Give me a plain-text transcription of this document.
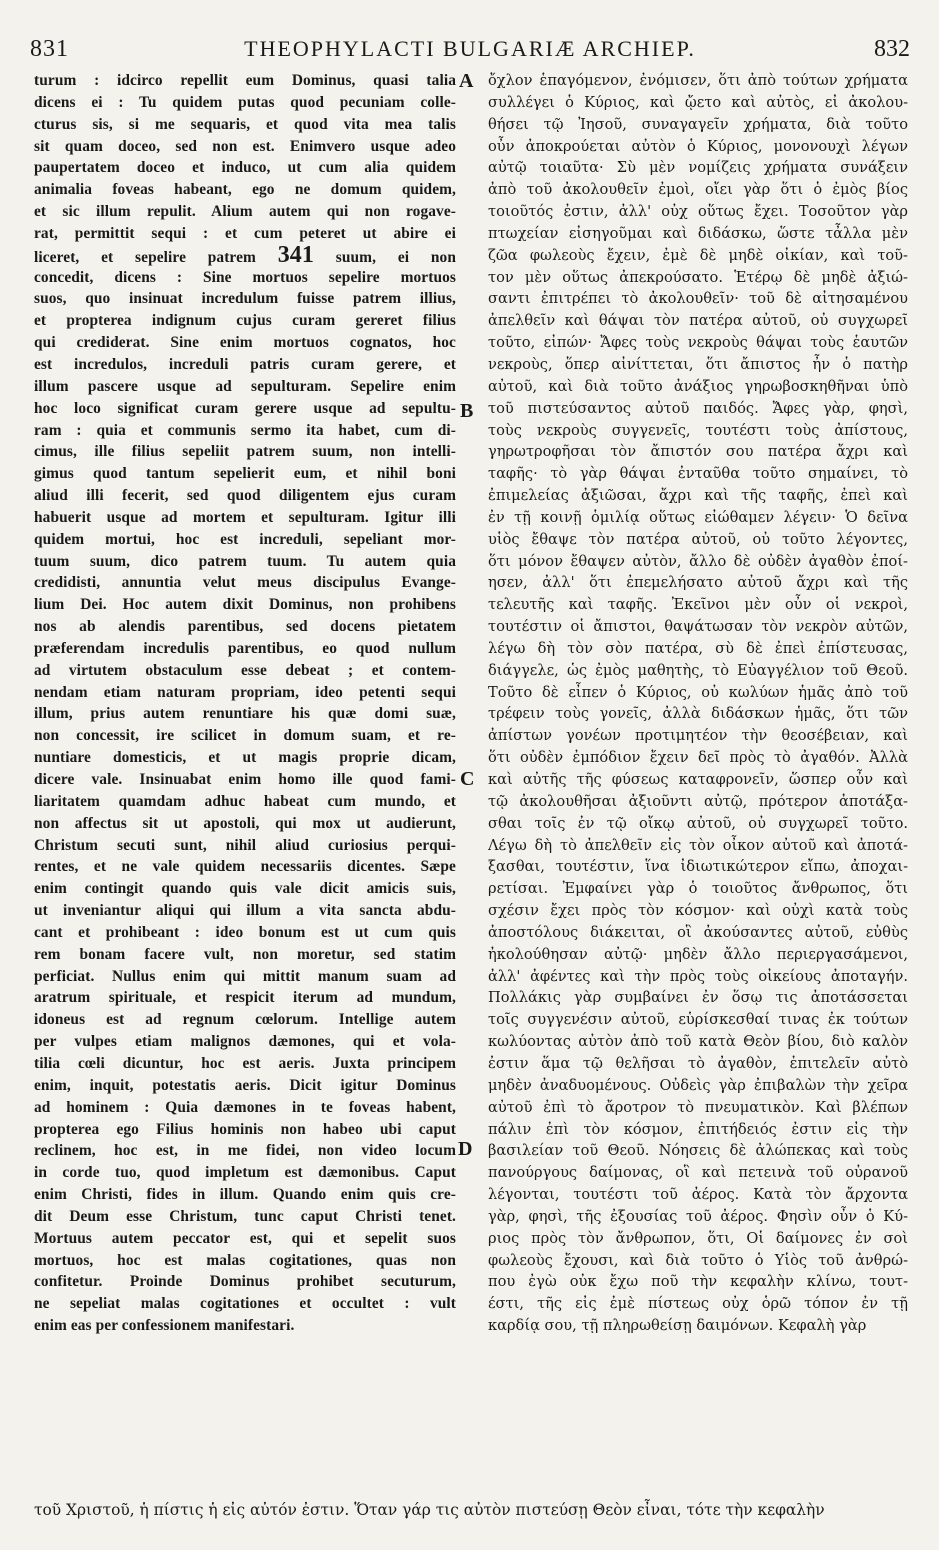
831	THEOPHYLACTI BULGARIÆ ARCHIEP.	832
turum : idcirco repellit eum Dominus, quasi talia
dicens ei : Tu quidem putas quod pecuniam colle-
cturus sis, si me sequaris, et quod vita mea talis
sit quam doceo, sed non est. Enimvero usque adeo
paupertatem doceo et induco, ut cum alia quidem
animalia foveas habeant, ego ne domum quidem,
et sic illum repulit. Alium autem qui non rogave-
rat, permittit sequi : et cum peteret ut abire ei
liceret, et sepelire patrem 341 suum, ei non
concedit, dicens : Sine mortuos sepelire mortuos
suos, quo insinuat incredulum fuisse patrem illius,
et propterea indignum cujus curam gereret filius
qui crediderat. Sine enim mortuos cognatos, hoc
est incredulos, increduli patris curam gerere, et
illum pascere usque ad sepulturam. Sepelire enim
hoc loco significat curam gerere usque ad sepultu-
ram : quia et communis sermo ita habet, cum di-
cimus, ille filius sepeliit patrem suum, non intelli-
gimus quod tantum sepelierit eum, et nihil boni
aliud illi fecerit, sed quod diligentem ejus curam
habuerit usque ad mortem et sepulturam. Igitur illi
quidem mortui, hoc est increduli, sepeliant mor-
tuum suum, dico patrem tuum. Tu autem quia
credidisti, annuntia velut meus discipulus Evange-
lium Dei. Hoc autem dixit Dominus, non prohibens
nos ab alendis parentibus, sed docens pietatem
præferendam incredulis parentibus, eo quod nullum
ad virtutem obstaculum esse debeat ; et contem-
nendam etiam naturam propriam, ideo petenti sequi
illum, prius autem renuntiare his quæ domi suæ,
non concessit, ire scilicet in domum suam, et re-
nuntiare domesticis, et ut magis proprie dicam,
dicere vale. Insinuabat enim homo ille quod fami-
liaritatem quamdam adhuc habeat cum mundo, et
non affectus sit ut apostoli, qui mox ut audierunt,
Christum secuti sunt, nihil aliud curiosius perqui-
rentes, et ne vale quidem necessariis dicentes. Sæpe
enim contingit quando quis vale dicit amicis suis,
ut inveniantur aliqui qui illum a vita sancta abdu-
cant et prohibeant : ideo bonum est ut cum quis
rem bonam facere vult, non moretur, sed statim
perficiat. Nullus enim qui mittit manum suam ad
aratrum spirituale, et respicit iterum ad mundum,
idoneus est ad regnum cœlorum. Intellige autem
per vulpes etiam malignos dæmones, qui et vola-
tilia cœli dicuntur, hoc est aeris. Juxta principem
enim, inquit, potestatis aeris. Dicit igitur Dominus
ad hominem : Quia dæmones in te foveas habent,
propterea ego Filius hominis non habeo ubi caput
reclinem, hoc est, in me fidei, non video locum
in corde tuo, quod impletum est dæmonibus. Caput
enim Christi, fides in illum. Quando enim quis cre-
dit Deum esse Christum, tunc caput Christi tenet.
Mortuus autem peccator est, qui et sepelit suos
mortuos, hoc est malas cogitationes, quas non
confitetur. Proinde Dominus prohibet secuturum,
ne sepeliat malas cogitationes et occultet : vult
enim eas per confessionem manifestari.
ὄχλον ἑπαγόμενον, ἐνόμισεν, ὅτι ἀπὸ τούτων χρήματα
συλλέγει ὁ Κύριος, καὶ ᾤετο καὶ αὐτὸς, εἰ ἀκολου-
θήσει τῷ Ἰησοῦ, συναγαγεῖν χρήματα, διὰ τοῦτο
οὖν ἀποκρούεται αὐτὸν ὁ Κύριος, μονονουχὶ λέγων
αὐτῷ τοιαῦτα· Σὺ μὲν νομίζεις χρήματα συνάξειν
ἀπὸ τοῦ ἀκολουθεῖν ἐμοὶ, οἴει γὰρ ὅτι ὁ ἐμὸς βίος
τοιοῦτός ἐστιν, ἀλλ' οὐχ οὕτως ἔχει. Τοσοῦτον γὰρ
πτωχείαν εἰσηγοῦμαι καὶ διδάσκω, ὥστε τἆλλα μὲν
ζῶα φωλεοὺς ἔχειν, ἐμὲ δὲ μηδὲ οἰκίαν, καὶ τοῦ-
τον μὲν οὕτως ἀπεκρούσατο. Ἑτέρῳ δὲ μηδὲ ἀξιώ-
σαντι ἐπιτρέπει τὸ ἀκολουθεῖν· τοῦ δὲ αἰτησαμένου
ἀπελθεῖν καὶ θάψαι τὸν πατέρα αὐτοῦ, οὐ συγχωρεῖ
τοῦτο, εἰπών· Ἄφες τοὺς νεκροὺς θάψαι τοὺς ἑαυτῶν
νεκροὺς, ὅπερ αἰνίττεται, ὅτι ἄπιστος ἦν ὁ πατὴρ
αὐτοῦ, καὶ διὰ τοῦτο ἀνάξιος γηρωβοσκηθῆναι ὑπὸ
τοῦ πιστεύσαντος αὐτοῦ παιδός. Ἄφες γὰρ, φησὶ,
τοὺς νεκροὺς συγγενεῖς, τουτέστι τοὺς ἀπίστους,
γηρωτροφῆσαι τὸν ἄπιστόν σου πατέρα ἄχρι καὶ
ταφῆς· τὸ γὰρ θάψαι ἐνταῦθα τοῦτο σημαίνει, τὸ
ἐπιμελείας ἀξιῶσαι, ἄχρι καὶ τῆς ταφῆς, ἐπεὶ καὶ
ἐν τῇ κοινῇ ὁμιλίᾳ οὕτως εἰώθαμεν λέγειν· Ὁ δεῖνα
υἱὸς ἔθαψε τὸν πατέρα αὐτοῦ, οὐ τοῦτο λέγοντες,
ὅτι μόνον ἔθαψεν αὐτὸν, ἄλλο δὲ οὐδὲν ἀγαθὸν ἐποί-
ησεν, ἀλλ' ὅτι ἐπεμελήσατο αὐτοῦ ἄχρι καὶ τῆς
τελευτῆς καὶ ταφῆς. Ἐκεῖνοι μὲν οὖν οἱ νεκροὶ,
τουτέστιν οἱ ἄπιστοι, θαψάτωσαν τὸν νεκρὸν αὐτῶν,
λέγω δὴ τὸν σὸν πατέρα, σὺ δὲ ἐπεὶ ἐπίστευσας,
διάγγελε, ὡς ἐμὸς μαθητὴς, τὸ Εὐαγγέλιον τοῦ Θεοῦ.
Τοῦτο δὲ εἶπεν ὁ Κύριος, οὐ κωλύων ἡμᾶς ἀπὸ τοῦ
τρέφειν τοὺς γονεῖς, ἀλλὰ διδάσκων ἡμᾶς, ὅτι τῶν
ἀπίστων γονέων προτιμητέον τὴν θεοσέβειαν, καὶ
ὅτι οὐδὲν ἐμπόδιον ἔχειν δεῖ πρὸς τὸ ἀγαθόν. Ἀλλὰ
καὶ αὐτῆς τῆς φύσεως καταφρονεῖν, ὥσπερ οὖν καὶ
τῷ ἀκολουθῆσαι ἀξιοῦντι αὐτῷ, πρότερον ἀποτάξα-
σθαι τοῖς ἐν τῷ οἴκῳ αὐτοῦ, οὐ συγχωρεῖ τοῦτο.
Λέγω δὴ τὸ ἀπελθεῖν εἰς τὸν οἶκον αὐτοῦ καὶ ἀποτά-
ξασθαι, τουτέστιν, ἵνα ἰδιωτικώτερον εἴπω, ἀποχαι-
ρετίσαι. Ἐμφαίνει γὰρ ὁ τοιοῦτος ἄνθρωπος, ὅτι
σχέσιν ἔχει πρὸς τὸν κόσμον· καὶ οὐχὶ κατὰ τοὺς
ἀποστόλους διάκειται, οἳ ἀκούσαντες αὐτοῦ, εὐθὺς
ἠκολούθησαν αὐτῷ· μηδὲν ἄλλο περιεργασάμενοι,
ἀλλ' ἀφέντες καὶ τὴν πρὸς τοὺς οἰκείους ἀποταγήν.
Πολλάκις γὰρ συμβαίνει ἐν ὅσῳ τις ἀποτάσσεται
τοῖς συγγενέσιν αὐτοῦ, εὑρίσκεσθαί τινας ἐκ τούτων
κωλύοντας αὐτὸν ἀπὸ τοῦ κατὰ Θεὸν βίου, διὸ καλὸν
ἐστιν ἅμα τῷ θελῆσαι τὸ ἀγαθὸν, ἐπιτελεῖν αὐτὸ
μηδὲν ἀναδυομένους. Οὐδεὶς γὰρ ἐπιβαλὼν τὴν χεῖρα
αὐτοῦ ἐπὶ τὸ ἄροτρον τὸ πνευματικὸν. Καὶ βλέπων
πάλιν ἐπὶ τὸν κόσμον, ἐπιτήδειός ἐστιν εἰς τὴν
βασιλείαν τοῦ Θεοῦ. Νόησεις δὲ ἀλώπεκας καὶ τοὺς
πανούργους δαίμονας, οἳ καὶ πετεινὰ τοῦ οὐρανοῦ
λέγονται, τουτέστι τοῦ ἀέρος. Κατὰ τὸν ἄρχοντα
γὰρ, φησὶ, τῆς ἐξουσίας τοῦ ἀέρος. Φησὶν οὖν ὁ Κύ-
ριος πρὸς τὸν ἄνθρωπον, ὅτι, Οἱ δαίμονες ἐν σοὶ
φωλεοὺς ἔχουσι, καὶ διὰ τοῦτο ὁ Υἱὸς τοῦ ἀνθρώ-
που ἐγὼ οὐκ ἔχω ποῦ τὴν κεφαλὴν κλίνω, τουτ-
έστι, τῆς εἰς ἐμὲ πίστεως οὐχ ὁρῶ τόπον ἐν τῇ
καρδίᾳ σου, τῇ πληρωθείσῃ δαιμόνων. Κεφαλὴ γὰρ
A
B
C
D
τοῦ Χριστοῦ, ἡ πίστις ἡ εἰς αὐτόν ἐστιν. Ὅταν γάρ τις αὐτὸν πιστεύσῃ Θεὸν εἶναι, τότε τὴν κεφαλὴν
